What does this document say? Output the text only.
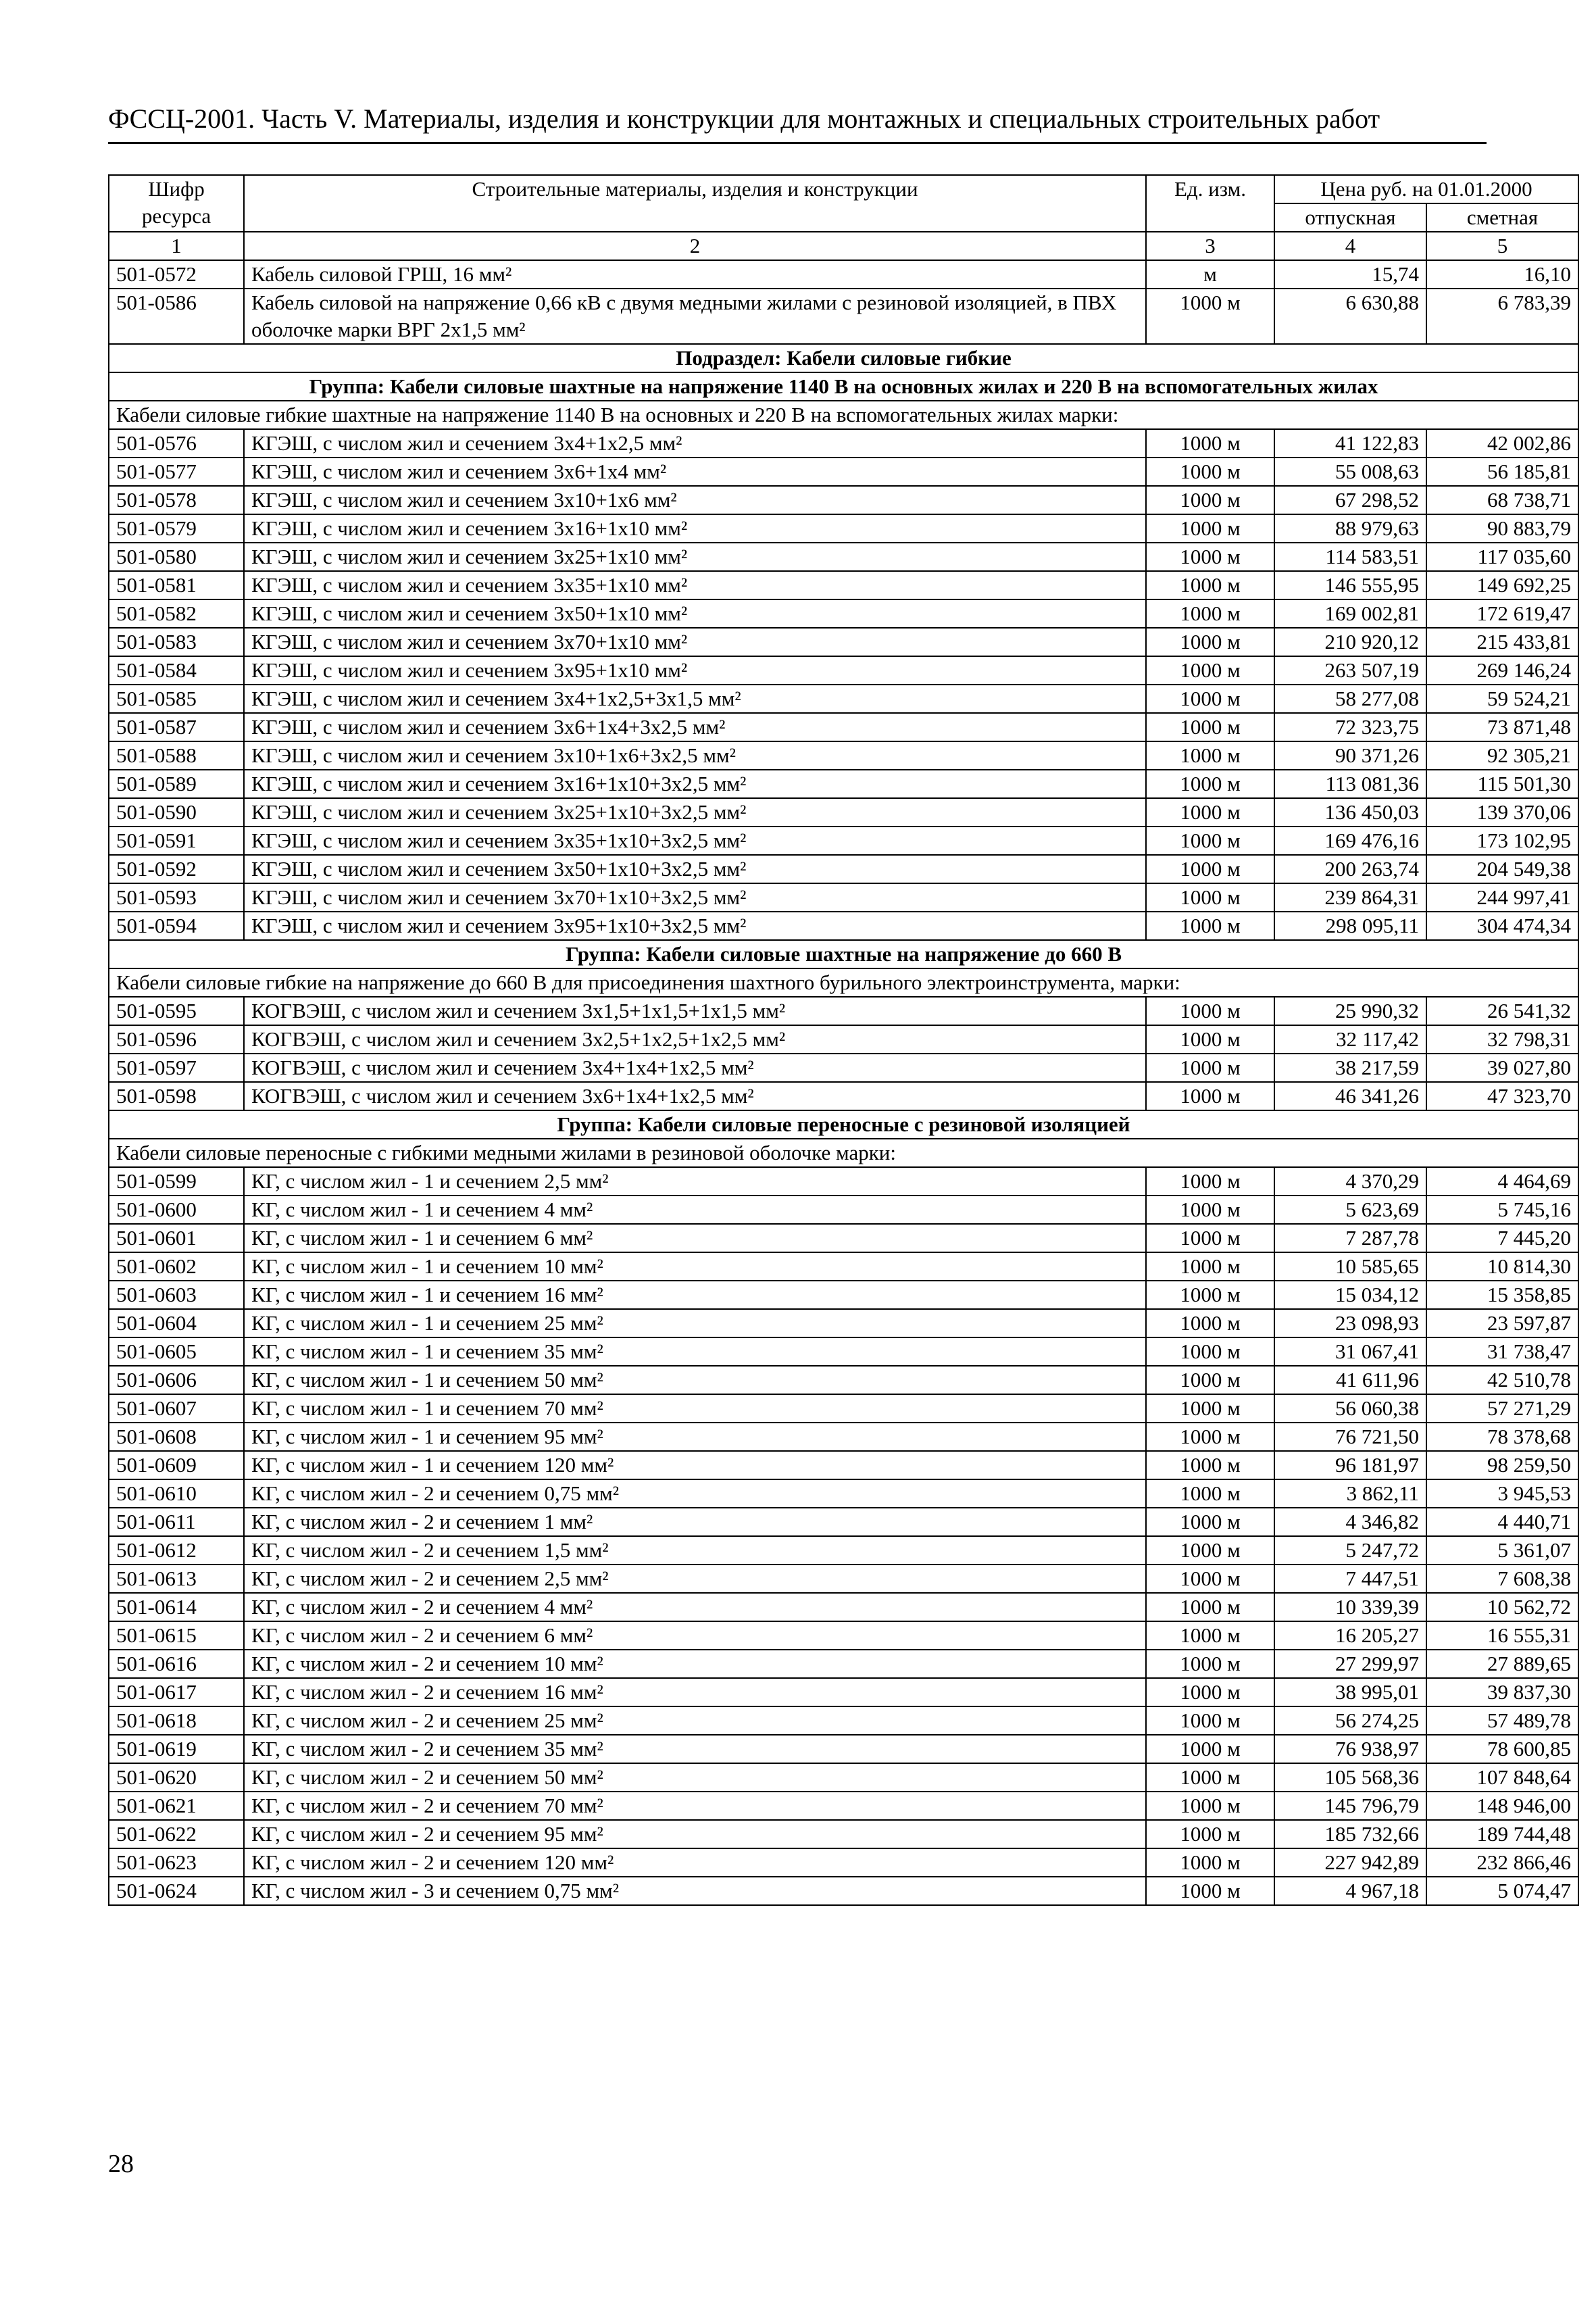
ФССЦ-2001. Часть V. Материалы, изделия и конструкции для монтажных и специальных строительных работ
Шифр ресурса	Строительные материалы, изделия и конструкции	Ед. изм.	Цена руб. на 01.01.2000	
			отпускная	сметная
1	2	3	4	5
501-0572	Кабель силовой ГРШ, 16 мм²	м	15,74	16,10
501-0586	Кабель силовой на напряжение 0,66 кВ с двумя медными жилами с резиновой изоляцией, в ПВХ оболочке марки ВРГ 2х1,5 мм²	1000 м	6 630,88	6 783,39
Подраздел: Кабели силовые гибкие				
Группа: Кабели силовые шахтные на напряжение 1140 В на основных жилах и 220 В на вспомогательных жилах				
Кабели силовые гибкие шахтные на напряжение 1140 В на основных и 220 В на вспомогательных жилах марки:				
501-0576	КГЭШ, с числом жил и сечением 3х4+1х2,5 мм²	1000 м	41 122,83	42 002,86
501-0577	КГЭШ, с числом жил и сечением 3х6+1х4 мм²	1000 м	55 008,63	56 185,81
501-0578	КГЭШ, с числом жил и сечением 3х10+1х6 мм²	1000 м	67 298,52	68 738,71
501-0579	КГЭШ, с числом жил и сечением 3х16+1х10 мм²	1000 м	88 979,63	90 883,79
501-0580	КГЭШ, с числом жил и сечением 3х25+1х10 мм²	1000 м	114 583,51	117 035,60
501-0581	КГЭШ, с числом жил и сечением 3х35+1х10 мм²	1000 м	146 555,95	149 692,25
501-0582	КГЭШ, с числом жил и сечением 3х50+1х10 мм²	1000 м	169 002,81	172 619,47
501-0583	КГЭШ, с числом жил и сечением 3х70+1х10 мм²	1000 м	210 920,12	215 433,81
501-0584	КГЭШ, с числом жил и сечением 3х95+1х10 мм²	1000 м	263 507,19	269 146,24
501-0585	КГЭШ, с числом жил и сечением 3х4+1х2,5+3х1,5 мм²	1000 м	58 277,08	59 524,21
501-0587	КГЭШ, с числом жил и сечением 3х6+1х4+3х2,5 мм²	1000 м	72 323,75	73 871,48
501-0588	КГЭШ, с числом жил и сечением 3х10+1х6+3х2,5 мм²	1000 м	90 371,26	92 305,21
501-0589	КГЭШ, с числом жил и сечением 3х16+1х10+3х2,5 мм²	1000 м	113 081,36	115 501,30
501-0590	КГЭШ, с числом жил и сечением 3х25+1х10+3х2,5 мм²	1000 м	136 450,03	139 370,06
501-0591	КГЭШ, с числом жил и сечением 3х35+1х10+3х2,5 мм²	1000 м	169 476,16	173 102,95
501-0592	КГЭШ, с числом жил и сечением 3х50+1х10+3х2,5 мм²	1000 м	200 263,74	204 549,38
501-0593	КГЭШ, с числом жил и сечением 3х70+1х10+3х2,5 мм²	1000 м	239 864,31	244 997,41
501-0594	КГЭШ, с числом жил и сечением 3х95+1х10+3х2,5 мм²	1000 м	298 095,11	304 474,34
Группа: Кабели силовые шахтные на напряжение до 660 В				
Кабели силовые гибкие на напряжение до 660 В для присоединения шахтного бурильного электроинструмента, марки:				
501-0595	КОГВЭШ, с числом жил и сечением 3х1,5+1х1,5+1х1,5 мм²	1000 м	25 990,32	26 541,32
501-0596	КОГВЭШ, с числом жил и сечением 3х2,5+1х2,5+1х2,5 мм²	1000 м	32 117,42	32 798,31
501-0597	КОГВЭШ, с числом жил и сечением 3х4+1х4+1х2,5 мм²	1000 м	38 217,59	39 027,80
501-0598	КОГВЭШ, с числом жил и сечением 3х6+1х4+1х2,5 мм²	1000 м	46 341,26	47 323,70
Группа: Кабели силовые переносные с резиновой изоляцией				
Кабели силовые переносные с гибкими медными жилами в резиновой оболочке марки:				
501-0599	КГ, с числом жил - 1 и сечением 2,5 мм²	1000 м	4 370,29	4 464,69
501-0600	КГ, с числом жил - 1 и сечением 4 мм²	1000 м	5 623,69	5 745,16
501-0601	КГ, с числом жил - 1 и сечением 6 мм²	1000 м	7 287,78	7 445,20
501-0602	КГ, с числом жил - 1 и сечением 10 мм²	1000 м	10 585,65	10 814,30
501-0603	КГ, с числом жил - 1 и сечением 16 мм²	1000 м	15 034,12	15 358,85
501-0604	КГ, с числом жил - 1 и сечением 25 мм²	1000 м	23 098,93	23 597,87
501-0605	КГ, с числом жил - 1 и сечением 35 мм²	1000 м	31 067,41	31 738,47
501-0606	КГ, с числом жил - 1 и сечением 50 мм²	1000 м	41 611,96	42 510,78
501-0607	КГ, с числом жил - 1 и сечением 70 мм²	1000 м	56 060,38	57 271,29
501-0608	КГ, с числом жил - 1 и сечением 95 мм²	1000 м	76 721,50	78 378,68
501-0609	КГ, с числом жил - 1 и сечением 120 мм²	1000 м	96 181,97	98 259,50
501-0610	КГ, с числом жил - 2 и сечением 0,75 мм²	1000 м	3 862,11	3 945,53
501-0611	КГ, с числом жил - 2 и сечением 1 мм²	1000 м	4 346,82	4 440,71
501-0612	КГ, с числом жил - 2 и сечением 1,5 мм²	1000 м	5 247,72	5 361,07
501-0613	КГ, с числом жил - 2 и сечением 2,5 мм²	1000 м	7 447,51	7 608,38
501-0614	КГ, с числом жил - 2 и сечением 4 мм²	1000 м	10 339,39	10 562,72
501-0615	КГ, с числом жил - 2 и сечением 6 мм²	1000 м	16 205,27	16 555,31
501-0616	КГ, с числом жил - 2 и сечением 10 мм²	1000 м	27 299,97	27 889,65
501-0617	КГ, с числом жил - 2 и сечением 16 мм²	1000 м	38 995,01	39 837,30
501-0618	КГ, с числом жил - 2 и сечением 25 мм²	1000 м	56 274,25	57 489,78
501-0619	КГ, с числом жил - 2 и сечением 35 мм²	1000 м	76 938,97	78 600,85
501-0620	КГ, с числом жил - 2 и сечением 50 мм²	1000 м	105 568,36	107 848,64
501-0621	КГ, с числом жил - 2 и сечением 70 мм²	1000 м	145 796,79	148 946,00
501-0622	КГ, с числом жил - 2 и сечением 95 мм²	1000 м	185 732,66	189 744,48
501-0623	КГ, с числом жил - 2 и сечением 120 мм²	1000 м	227 942,89	232 866,46
501-0624	КГ, с числом жил - 3 и сечением 0,75 мм²	1000 м	4 967,18	5 074,47
28
